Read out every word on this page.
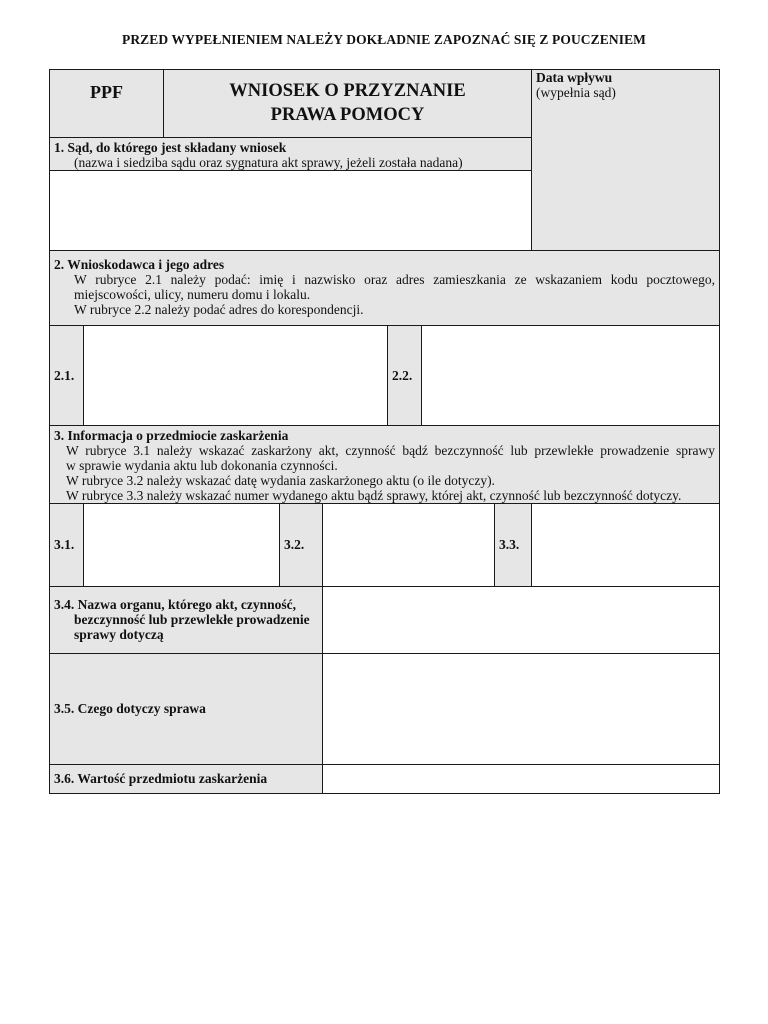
PRZED WYPEŁNIENIEM NALEŻY DOKŁADNIE ZAPOZNAĆ SIĘ Z POUCZENIEM
PPF	WNIOSEK O PRZYZNANIE
PRAWA POMOCY
Data wpływu
(wypełnia sąd)
1. Sąd, do którego jest składany wniosek
(nazwa i siedziba sądu oraz sygnatura akt sprawy, jeżeli została nadana)
2. Wnioskodawca i jego adres
W rubryce 2.1 należy podać: imię i nazwisko oraz adres zamieszkania ze wskazaniem kodu pocztowego,
miejscowości, ulicy, numeru domu i lokalu.
W rubryce 2.2 należy podać adres do korespondencji.
2.1.	2.2.
3. Informacja o przedmiocie zaskarżenia
W rubryce 3.1 należy wskazać zaskarżony akt, czynność bądź bezczynność lub przewlekłe prowadzenie sprawy
w sprawie wydania aktu lub dokonania czynności.
W rubryce 3.2 należy wskazać datę wydania zaskarżonego aktu (o ile dotyczy).
W rubryce 3.3 należy wskazać numer wydanego aktu bądź sprawy, której akt, czynność lub bezczynność dotyczy.
3.1.	3.2.	3.3.
3.4. Nazwa organu, którego akt, czynność,
bezczynność lub przewlekłe prowadzenie
sprawy dotyczą
3.5. Czego dotyczy sprawa
3.6. Wartość przedmiotu zaskarżenia
